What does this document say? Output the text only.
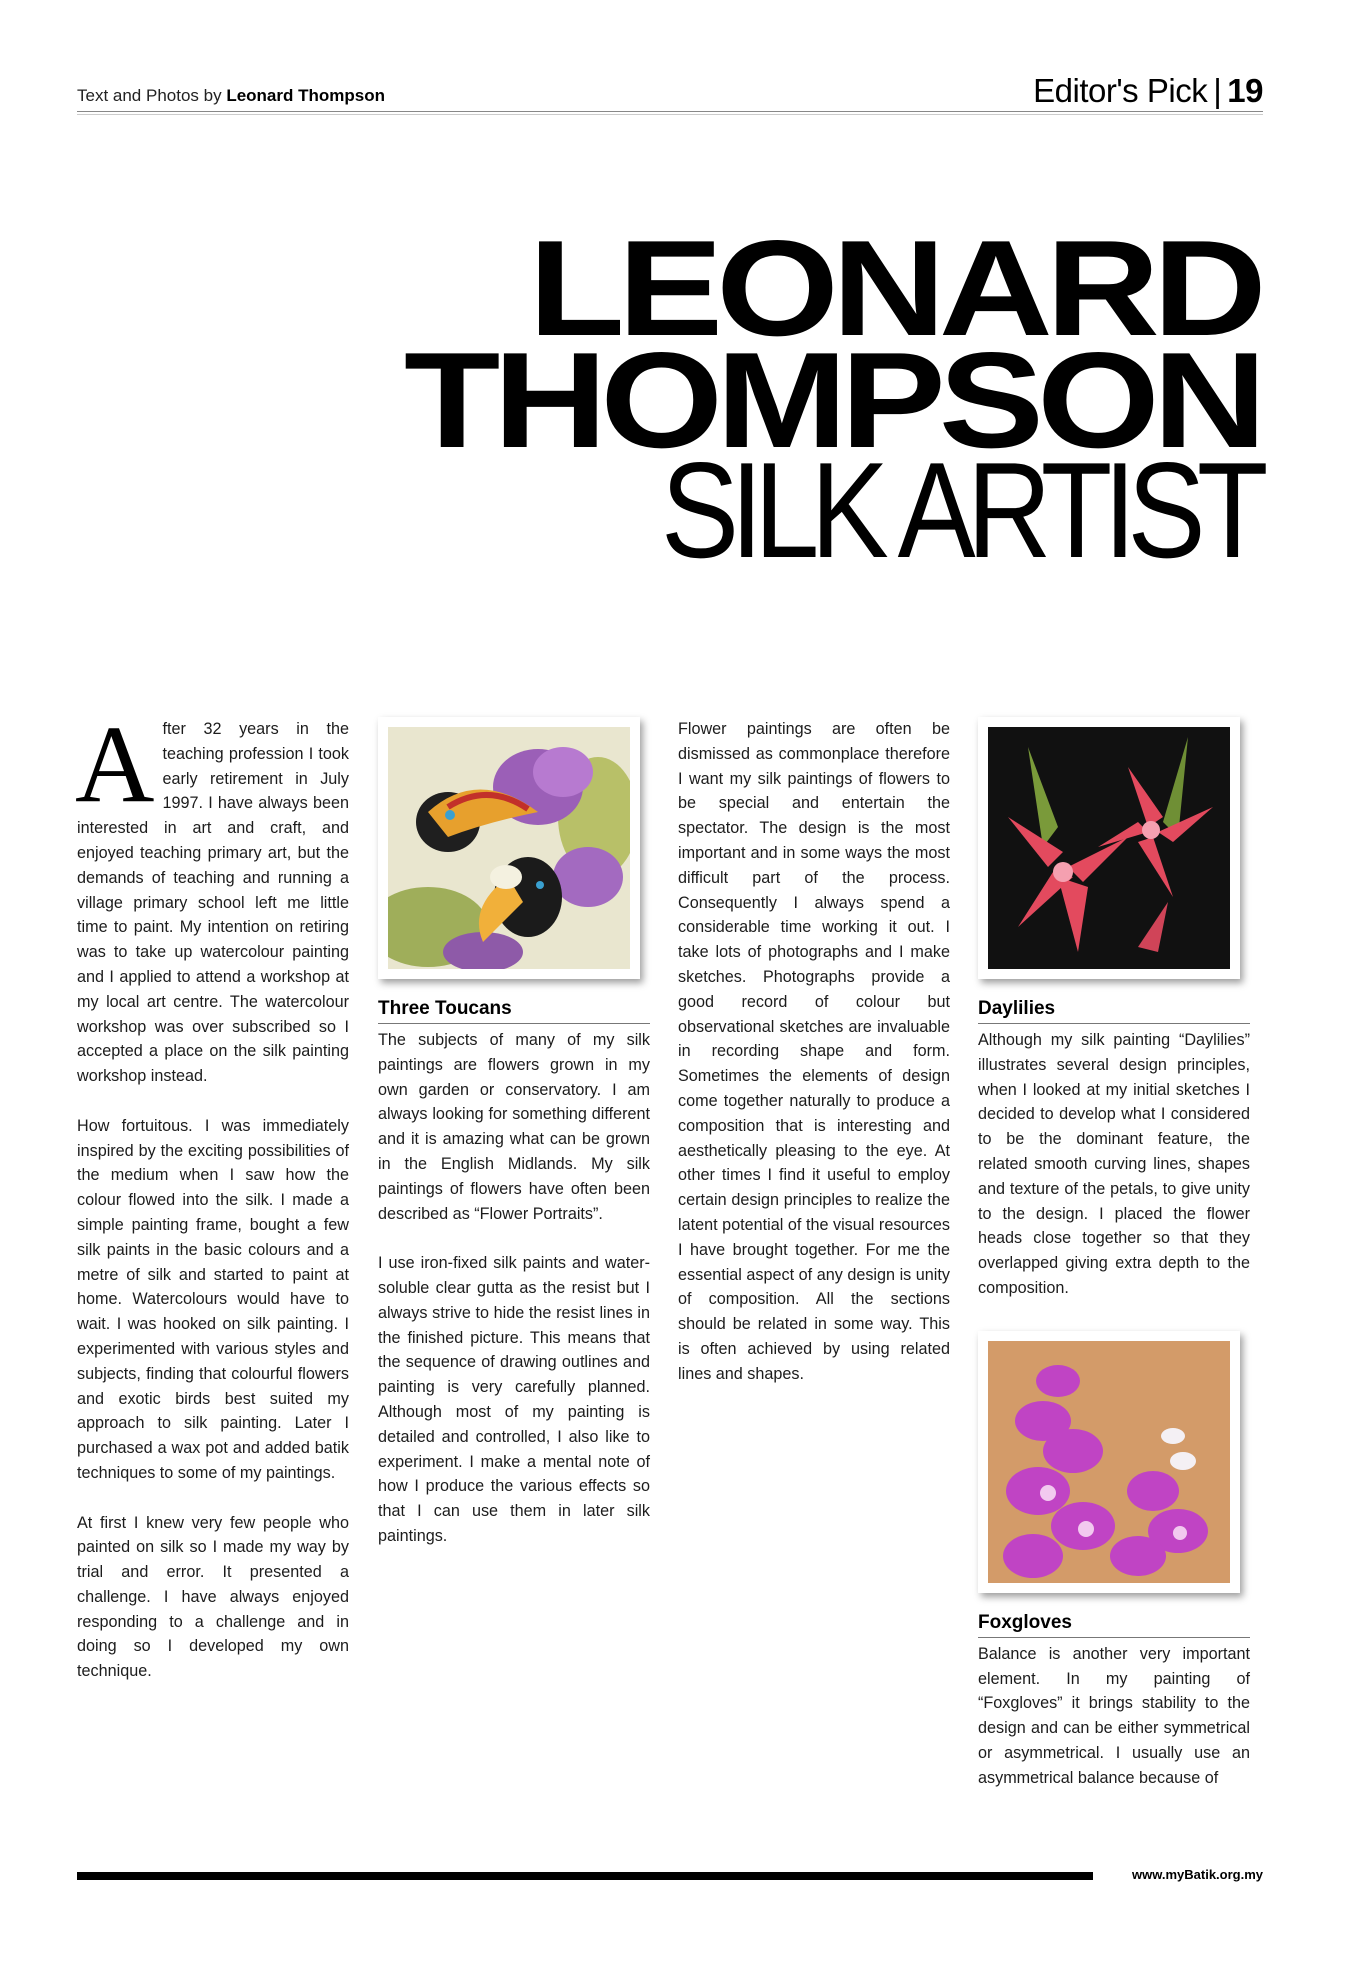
Text and Photos by Leonard Thompson	Editor's Pick | 19
LEONARD
THOMPSON
SILK ARTIST

After 32 years in the teaching profession I took early retirement in July 1997. I have always been interested in art and craft, and enjoyed teaching primary art, but the demands of teaching and running a village primary school left me little time to paint. My intention on retiring was to take up watercolour painting and I applied to attend a workshop at my local art centre. The watercolour workshop was over subscribed so I accepted a place on the silk painting workshop instead.

How fortuitous. I was immediately inspired by the exciting possibilities of the medium when I saw how the colour flowed into the silk. I made a simple painting frame, bought a few silk paints in the basic colours and a metre of silk and started to paint at home. Watercolours would have to wait. I was hooked on silk painting. I experimented with various styles and subjects, finding that colourful flowers and exotic birds best suited my approach to silk painting. Later I purchased a wax pot and added batik techniques to some of my paintings.

At first I knew very few people who painted on silk so I made my way by trial and error. It presented a challenge. I have always enjoyed responding to a challenge and in doing so I developed my own technique.

Three Toucans

The subjects of many of my silk paintings are flowers grown in my own garden or conservatory. I am always looking for something different and it is amazing what can be grown in the English Midlands. My silk paintings of flowers have often been described as “Flower Portraits”.

I use iron-fixed silk paints and water-soluble clear gutta as the resist but I always strive to hide the resist lines in the finished picture. This means that the sequence of drawing outlines and painting is very carefully planned. Although most of my painting is detailed and controlled, I also like to experiment. I make a mental note of how I produce the various effects so that I can use them in later silk paintings.

Flower paintings are often be dismissed as commonplace therefore I want my silk paintings of flowers to be special and entertain the spectator. The design is the most important and in some ways the most difficult part of the process. Consequently I always spend a considerable time working it out. I take lots of photographs and I make sketches. Photographs provide a good record of colour but observational sketches are invaluable in recording shape and form. Sometimes the elements of design come together naturally to produce a composition that is interesting and aesthetically pleasing to the eye. At other times I find it useful to employ certain design principles to realize the latent potential of the visual resources I have brought together. For me the essential aspect of any design is unity of composition. All the sections should be related in some way. This is often achieved by using related lines and shapes.

Daylilies

Although my silk painting “Daylilies” illustrates several design principles, when I looked at my initial sketches I decided to develop what I considered to be the dominant feature, the related smooth curving lines, shapes and texture of the petals, to give unity to the design. I placed the flower heads close together so that they overlapped giving extra depth to the composition.

Foxgloves

Balance is another very important element. In my painting of “Foxgloves” it brings stability to the design and can be either symmetrical or asymmetrical. I usually use an asymmetrical balance because of

www.myBatik.org.my
